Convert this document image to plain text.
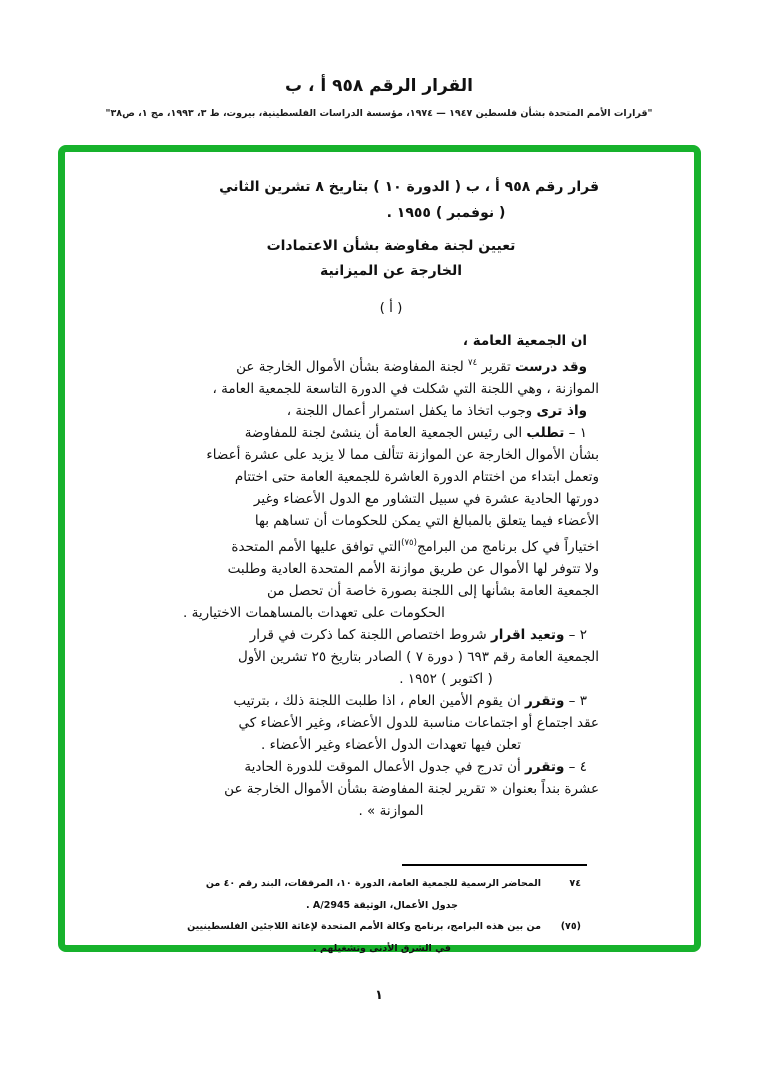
القرار الرقم ٩٥٨ أ ، ب
"قرارات الأمم المتحدة بشأن فلسطين ١٩٤٧ — ١٩٧٤، مؤسسة الدراسات الفلسطينية، بيروت، ط ٣، ١٩٩٣، مج ١، ص٣٨"
قرار رقم ٩٥٨ أ ، ب ( الدورة ١٠ ) بتاريخ ٨ تشرين الثاني
( نوفمبر ) ١٩٥٥ .
تعيين لجنة مفاوضة بشأن الاعتمادات
الخارجة عن الميزانية
( أ )
ان الجمعية العامة ،
وقد درست تقرير $^{٧٤}$ لجنة المفاوضة بشأن الأموال الخارجة عن
الموازنة ، وهي اللجنة التي شكلت في الدورة التاسعة للجمعية العامة ،
واذ ترى وجوب اتخاذ ما يكفل استمرار أعمال اللجنة ،
١ – تطلب الى رئيس الجمعية العامة أن ينشئ لجنة للمفاوضة
بشأن الأموال الخارجة عن الموازنة تتألف مما لا يزيد على عشرة أعضاء
وتعمل ابتداء من اختتام الدورة العاشرة للجمعية العامة حتى اختتام
دورتها الحادية عشرة في سبيل التشاور مع الدول الأعضاء وغير
الأعضاء فيما يتعلق بالمبالغ التي يمكن للحكومات أن تساهم بها
اختياراً في كل برنامج من البرامج$^{(٧٥)}$التي توافق عليها الأمم المتحدة
ولا تتوفر لها الأموال عن طريق موازنة الأمم المتحدة العادية وطلبت
الجمعية العامة بشأنها إلى اللجنة بصورة خاصة أن تحصل من
الحكومات على تعهدات بالمساهمات الاختيارية .
٢ – وتعيد اقرار شروط اختصاص اللجنة كما ذكرت في قرار
الجمعية العامة رقم ٦٩٣ ( دورة ٧ ) الصادر بتاريخ ٢٥ تشرين الأول
( اكتوبر ) ١٩٥٢ .
٣ – وتقرر ان يقوم الأمين العام ، اذا طلبت اللجنة ذلك ، بترتيب
عقد اجتماع أو اجتماعات مناسبة للدول الأعضاء، وغير الأعضاء كي
تعلن فيها تعهدات الدول الأعضاء وغير الأعضاء .
٤ – وتقرر أن تدرج في جدول الأعمال الموقت للدورة الحادية
عشرة بنداً بعنوان « تقرير لجنة المفاوضة بشأن الأموال الخارجة عن
الموازنة » .
٧٤المحاضر الرسمية للجمعية العامة، الدورة ١٠، المرفقات، البند رقم ٤٠ من
جدول الأعمال، الوثيقة A/2945 .
(٧٥)من بين هذه البرامج، برنامج وكالة الأمم المتحدة لإغاثة اللاجئين الفلسطينيين
في الشرق الأدنى وتشغيلهم .
١
